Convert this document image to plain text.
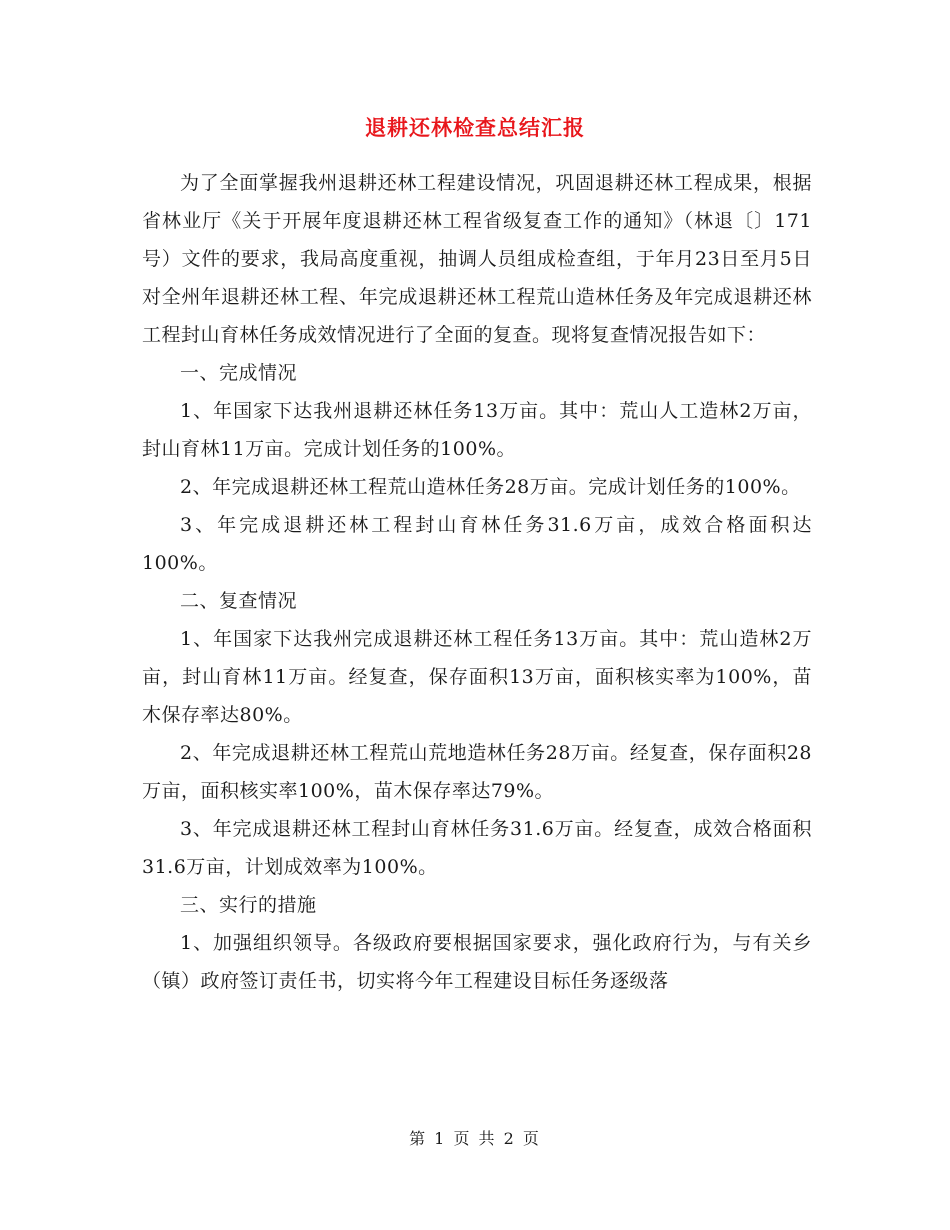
退耕还林检查总结汇报

为了全面掌握我州退耕还林工程建设情况，巩固退耕还林工程成果，根据省林业厅《关于开展年度退耕还林工程省级复查工作的通知》（林退〔〕171号）文件的要求，我局高度重视，抽调人员组成检查组，于年月23日至月5日对全州年退耕还林工程、年完成退耕还林工程荒山造林任务及年完成退耕还林工程封山育林任务成效情况进行了全面的复查。现将复查情况报告如下：

一、完成情况

1、年国家下达我州退耕还林任务13万亩。其中：荒山人工造林2万亩，封山育林11万亩。完成计划任务的100%。

2、年完成退耕还林工程荒山造林任务28万亩。完成计划任务的100%。

3、年完成退耕还林工程封山育林任务31.6万亩，成效合格面积达100%。

二、复查情况

1、年国家下达我州完成退耕还林工程任务13万亩。其中：荒山造林2万亩，封山育林11万亩。经复查，保存面积13万亩，面积核实率为100%，苗木保存率达80%。

2、年完成退耕还林工程荒山荒地造林任务28万亩。经复查，保存面积28万亩，面积核实率100%，苗木保存率达79%。

3、年完成退耕还林工程封山育林任务31.6万亩。经复查，成效合格面积31.6万亩，计划成效率为100%。

三、实行的措施

1、加强组织领导。各级政府要根据国家要求，强化政府行为，与有关乡（镇）政府签订责任书，切实将今年工程建设目标任务逐级落

第 1 页 共 2 页
